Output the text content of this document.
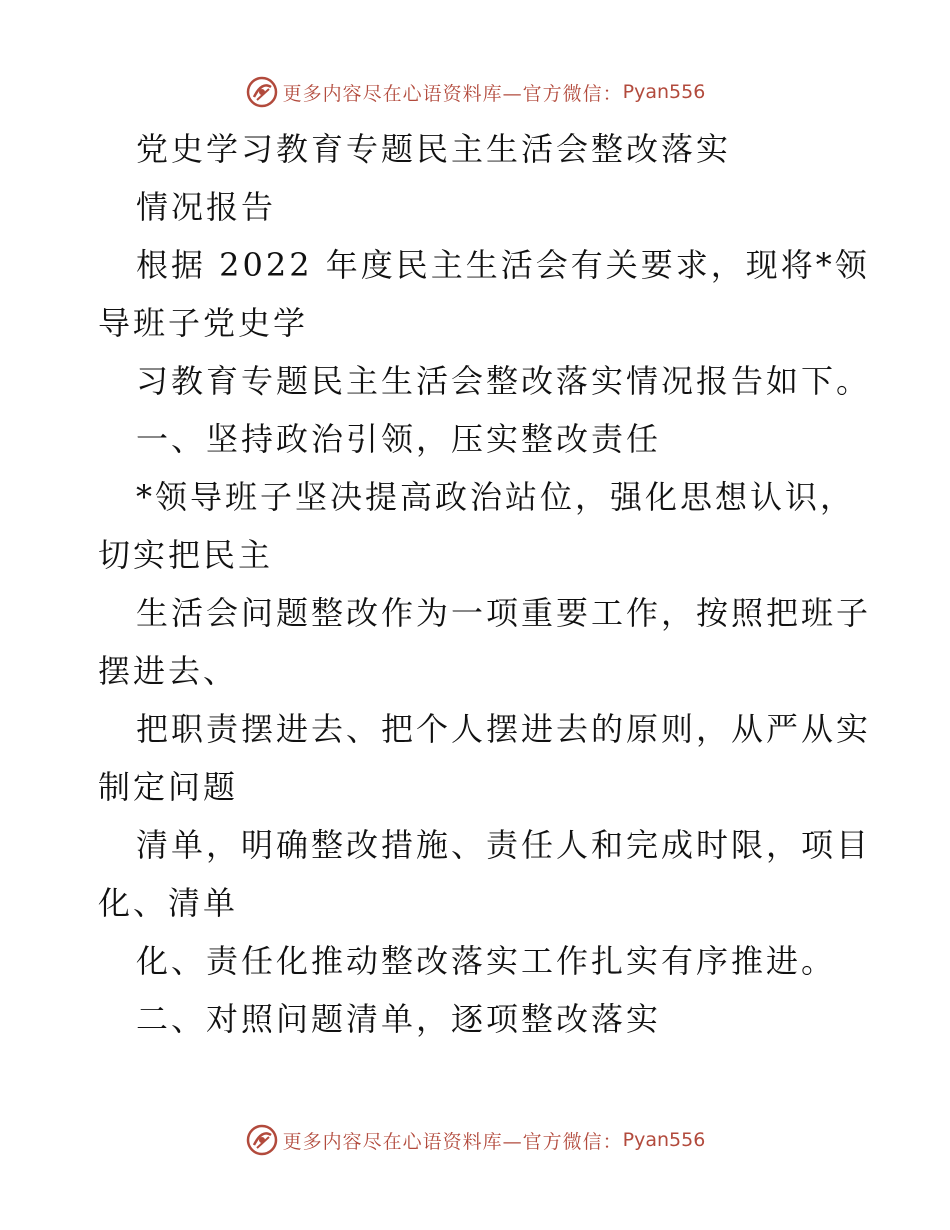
更多内容尽在心语资料库—官方微信： Pyan556
党史学习教育专题民主生活会整改落实
情况报告
根据 2022 年度民主生活会有关要求，现将*领
导班子党史学
习教育专题民主生活会整改落实情况报告如下。
一、坚持政治引领，压实整改责任
*领导班子坚决提高政治站位，强化思想认识，
切实把民主
生活会问题整改作为一项重要工作，按照把班子
摆进去、
把职责摆进去、把个人摆进去的原则，从严从实
制定问题
清单，明确整改措施、责任人和完成时限，项目
化、清单
化、责任化推动整改落实工作扎实有序推进。
二、对照问题清单，逐项整改落实
更多内容尽在心语资料库—官方微信： Pyan556
